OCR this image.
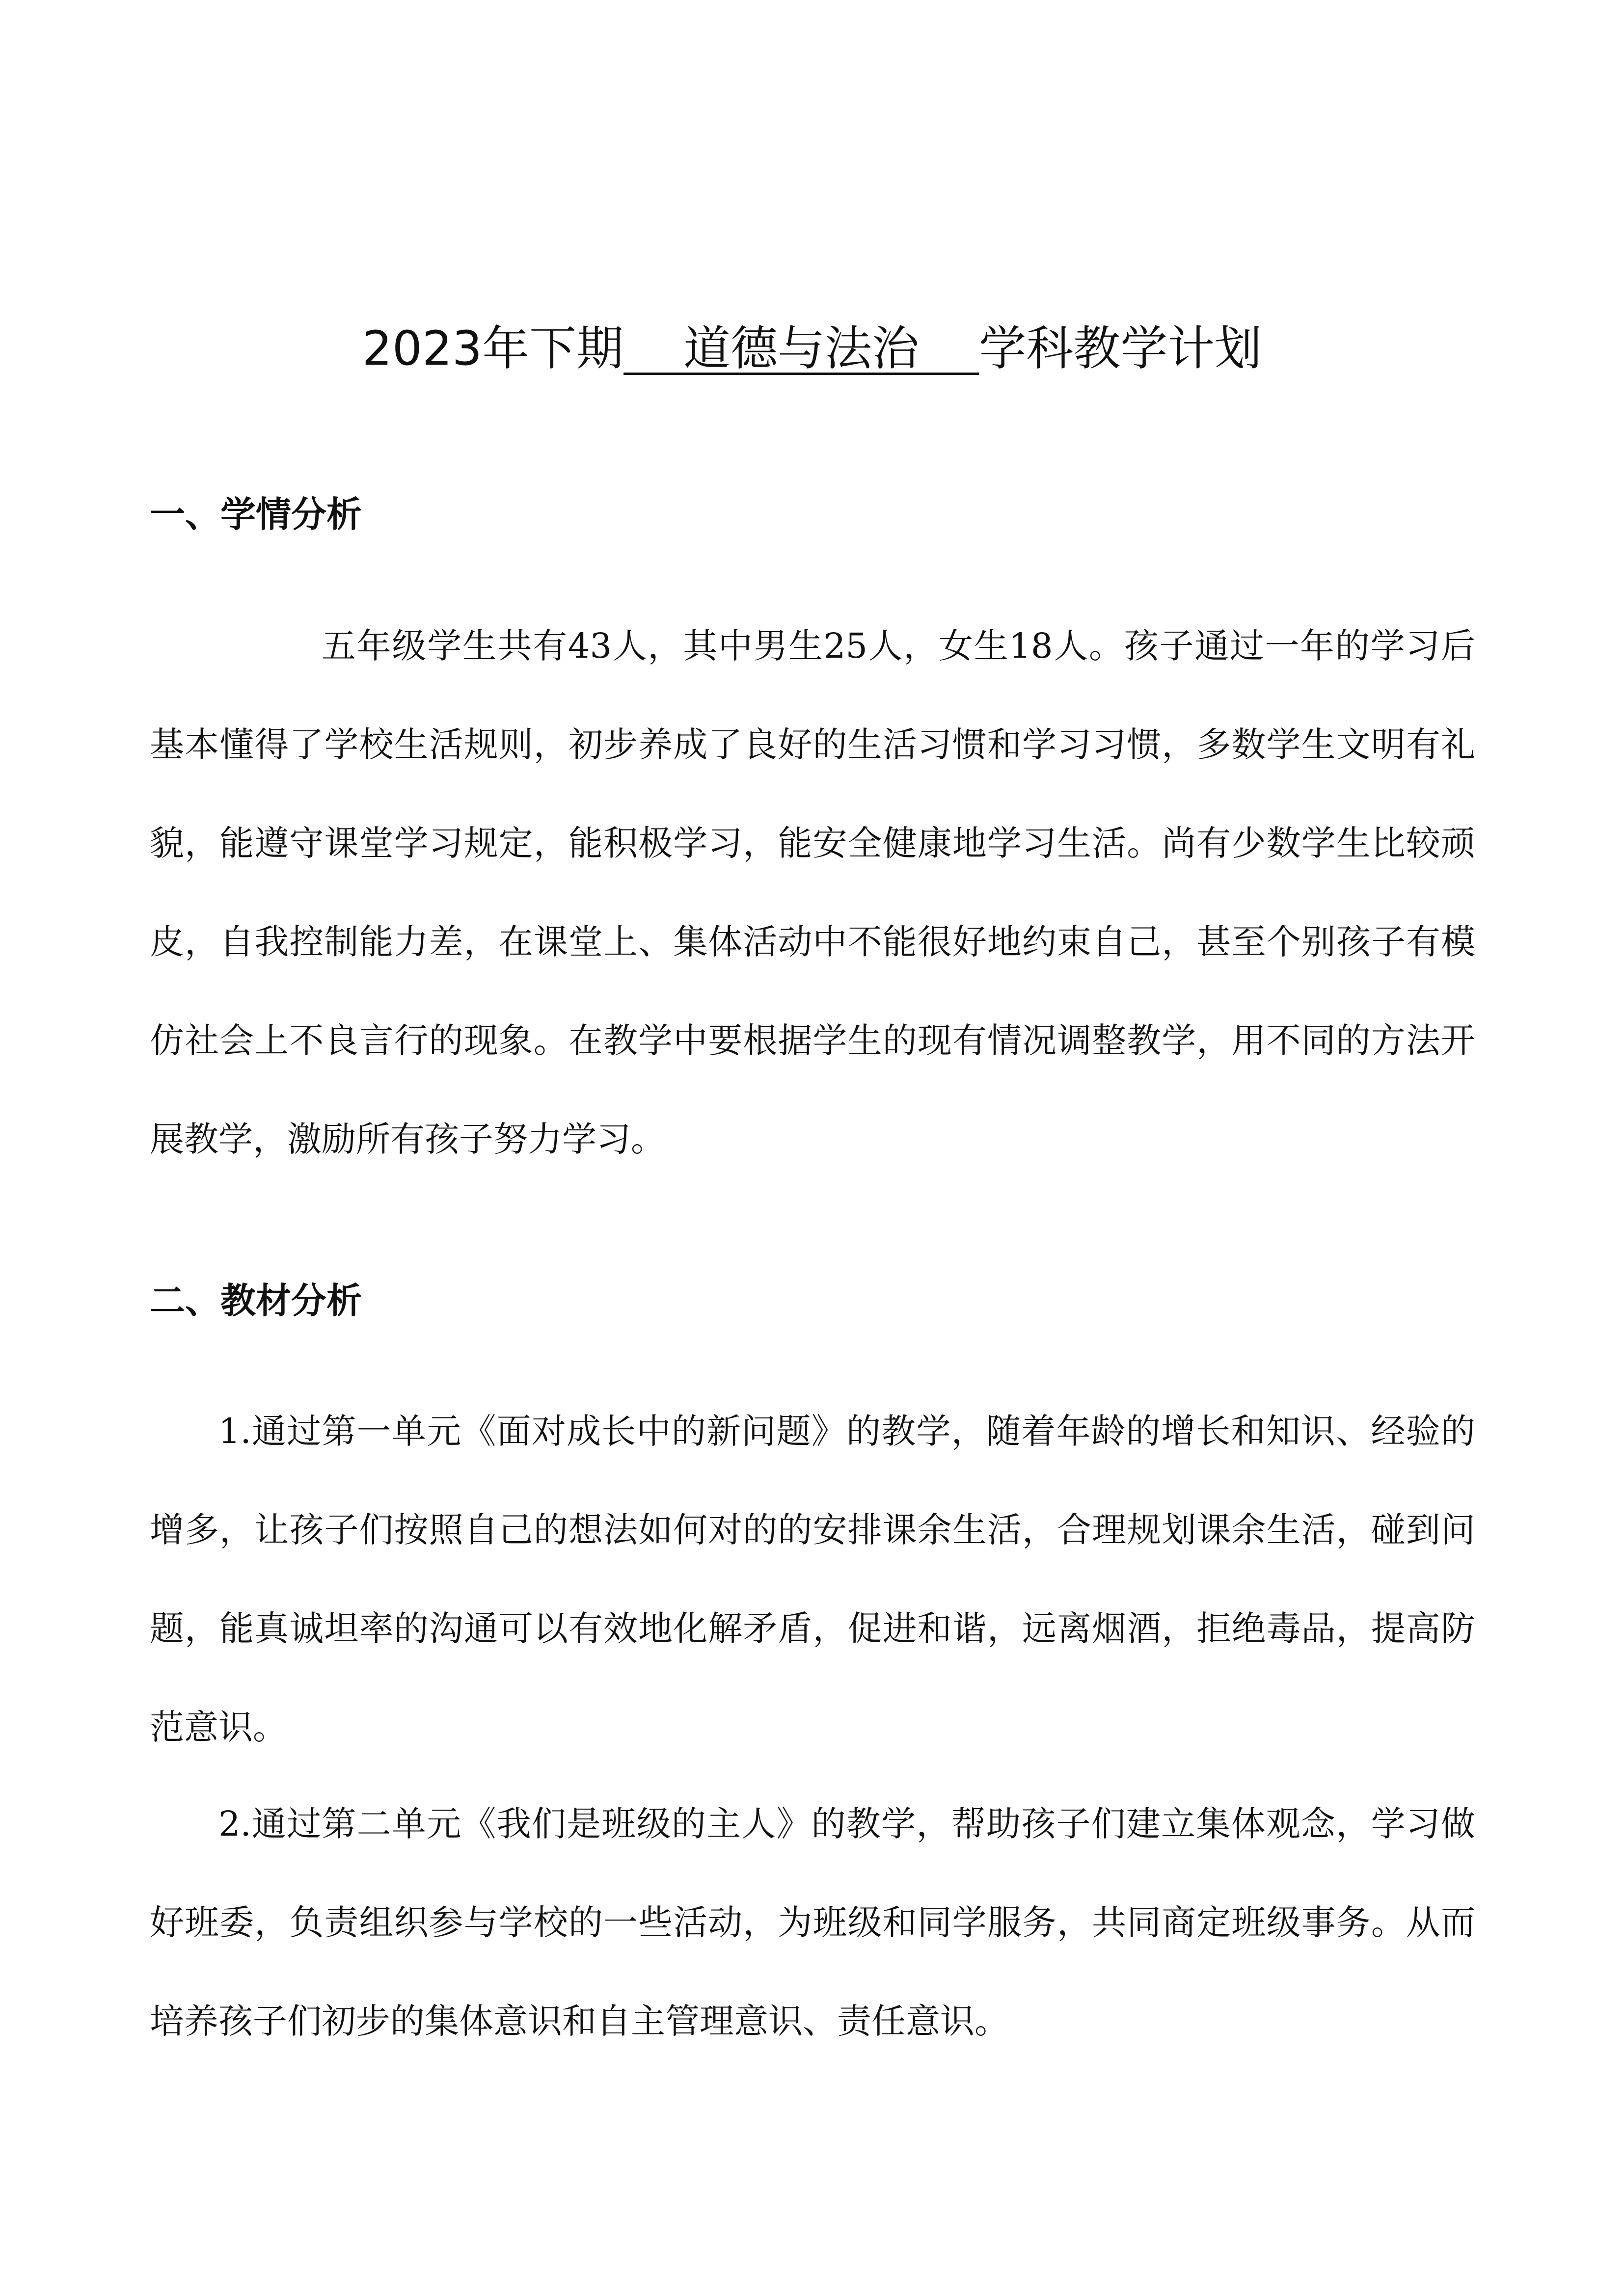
2023年下期    道德与法治    学科教学计划
一、学情分析

五年级学生共有43人，其中男生25人，女生18人。孩子通过一年的学习后基本懂得了学校生活规则，初步养成了良好的生活习惯和学习习惯，多数学生文明有礼貌，能遵守课堂学习规定，能积极学习，能安全健康地学习生活。尚有少数学生比较顽皮，自我控制能力差，在课堂上、集体活动中不能很好地约束自己，甚至个别孩子有模仿社会上不良言行的现象。在教学中要根据学生的现有情况调整教学，用不同的方法开展教学，激励所有孩子努力学习。

二、教材分析

1.通过第一单元《面对成长中的新问题》的教学，随着年龄的增长和知识、经验的增多，让孩子们按照自己的想法如何对的的安排课余生活，合理规划课余生活，碰到问题，能真诚坦率的沟通可以有效地化解矛盾，促进和谐，远离烟酒，拒绝毒品，提高防范意识。

2.通过第二单元《我们是班级的主人》的教学，帮助孩子们建立集体观念，学习做好班委，负责组织参与学校的一些活动，为班级和同学服务，共同商定班级事务。从而培养孩子们初步的集体意识和自主管理意识、责任意识。
